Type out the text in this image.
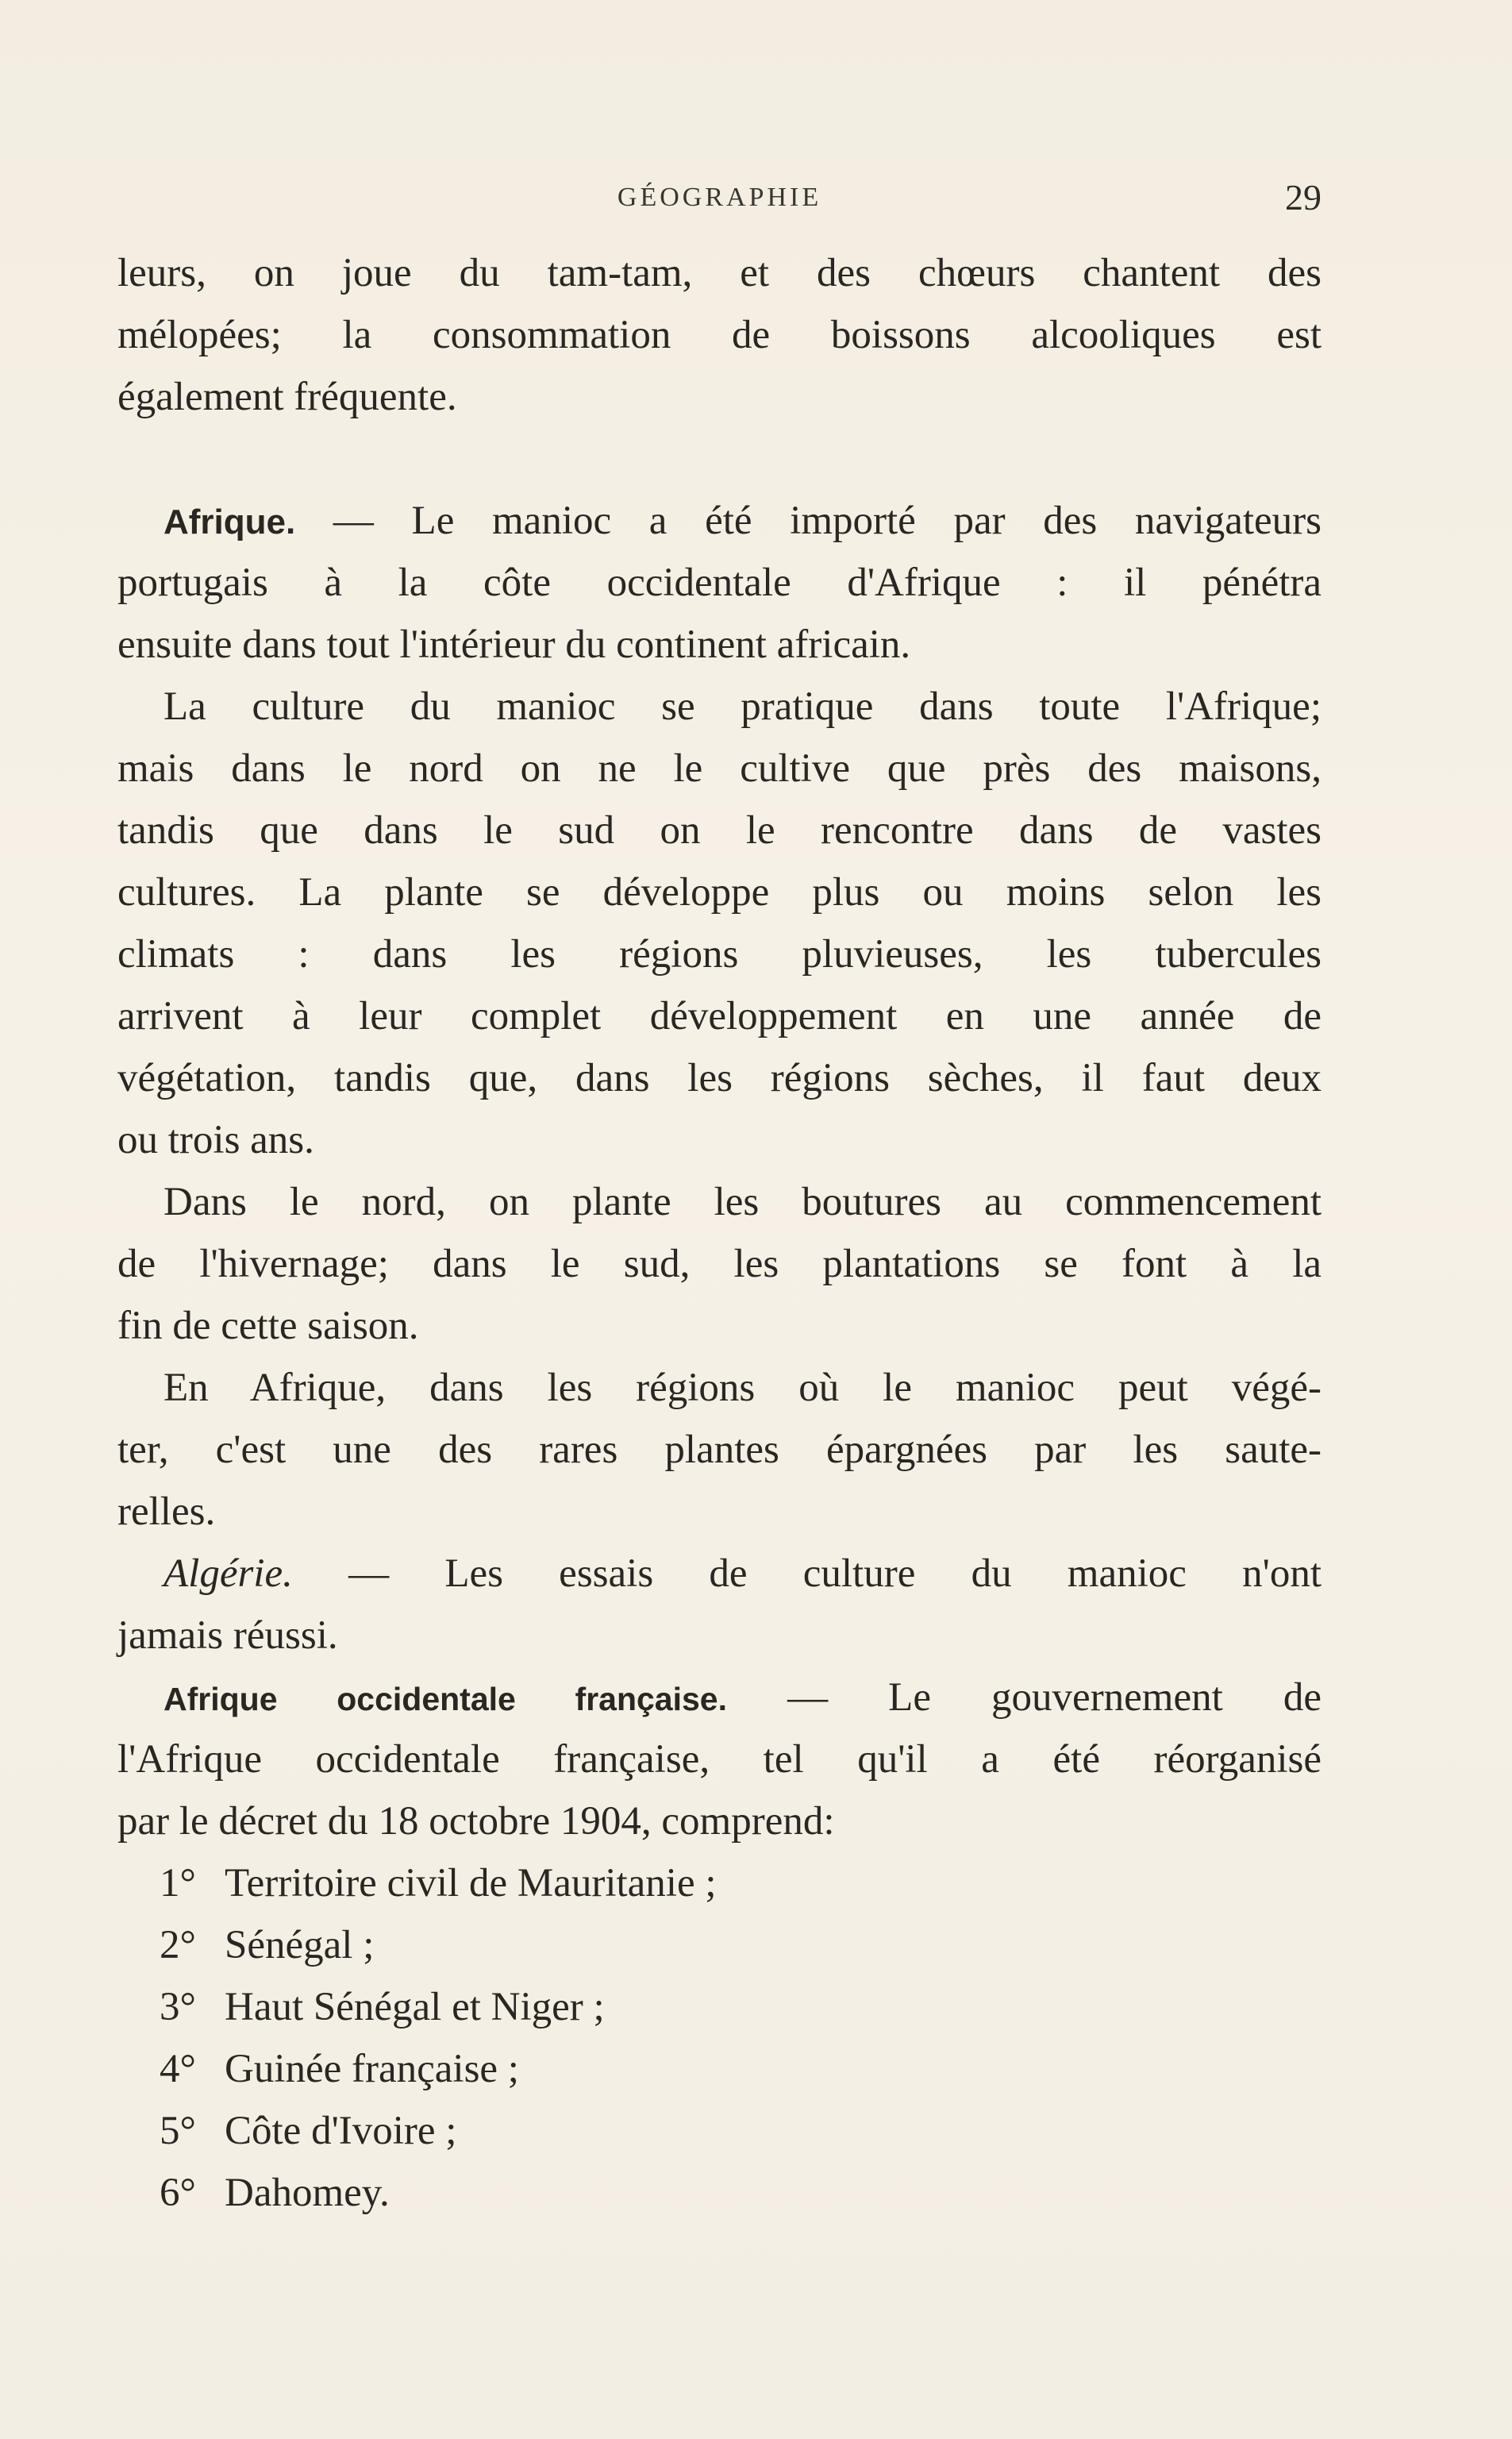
GÉOGRAPHIE	29
leurs, on joue du tam-tam, et des chœurs chantent des
mélopées; la consommation de boissons alcooliques est
également fréquente.
Afrique. — Le manioc a été importé par des navigateurs
portugais à la côte occidentale d'Afrique : il pénétra
ensuite dans tout l'intérieur du continent africain.
La culture du manioc se pratique dans toute l'Afrique;
mais dans le nord on ne le cultive que près des maisons,
tandis que dans le sud on le rencontre dans de vastes
cultures. La plante se développe plus ou moins selon les
climats : dans les régions pluvieuses, les tubercules
arrivent à leur complet développement en une année de
végétation, tandis que, dans les régions sèches, il faut deux
ou trois ans.
Dans le nord, on plante les boutures au commencement
de l'hivernage; dans le sud, les plantations se font à la
fin de cette saison.
En Afrique, dans les régions où le manioc peut végé-
ter, c'est une des rares plantes épargnées par les saute-
relles.
Algérie. — Les essais de culture du manioc n'ont
jamais réussi.
Afrique occidentale française. — Le gouvernement de
l'Afrique occidentale française, tel qu'il a été réorganisé
par le décret du 18 octobre 1904, comprend:
1° Territoire civil de Mauritanie ;
2° Sénégal ;
3° Haut Sénégal et Niger ;
4° Guinée française ;
5° Côte d'Ivoire ;
6° Dahomey.
